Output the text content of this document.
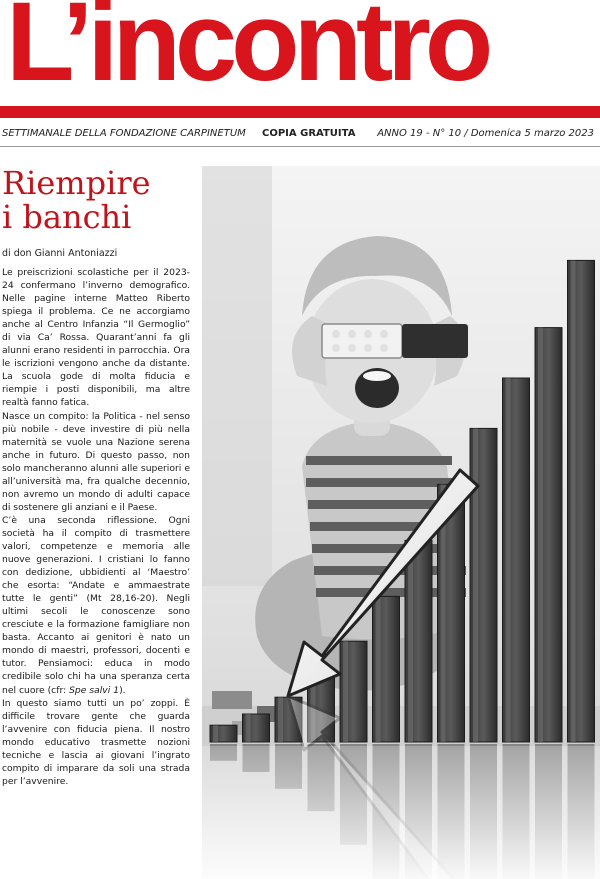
L’incontro
SETTIMANALE DELLA FONDAZIONE CARPINETUM COPIA GRATUITA ANNO 19 - N° 10 / Domenica 5 marzo 2023
Riempire
i banchi
di don Gianni Antoniazzi

Le preiscrizioni scolastiche per il 2023-24 confermano l’inverno demografico. Nelle pagine interne Matteo Riberto spiega il problema. Ce ne accorgiamo anche al Centro Infanzia “Il Germoglio” di via Ca’ Rossa. Quarant’anni fa gli alunni erano residenti in parrocchia. Ora le iscrizioni vengono anche da distante. La scuola gode di molta fiducia e riempie i posti disponibili, ma altre realtà fanno fatica.

Nasce un compito: la Politica - nel senso più nobile - deve investire di più nella maternità se vuole una Nazione serena anche in futuro. Di questo passo, non solo mancheranno alunni alle superiori e all’università ma, fra qualche decennio, non avremo un mondo di adulti capace di sostenere gli anziani e il Paese.

C’è una seconda riflessione. Ogni società ha il compito di trasmettere valori, competenze e memoria alle nuove generazioni. I cristiani lo fanno con dedizione, ubbidienti al ‘Maestro’ che esorta: “Andate e ammaestrate tutte le genti” (Mt 28,16-20). Negli ultimi secoli le conoscenze sono cresciute e la formazione famigliare non basta. Accanto ai genitori è nato un mondo di maestri, professori, docenti e tutor. Pensiamoci: educa in modo credibile solo chi ha una speranza certa nel cuore (cfr: Spe salvi 1).

In questo siamo tutti un po’ zoppi. È difficile trovare gente che guarda l’avvenire con fiducia piena. Il nostro mondo educativo trasmette nozioni tecniche e lascia ai giovani l’ingrato compito di imparare da soli una strada per l’avvenire.
